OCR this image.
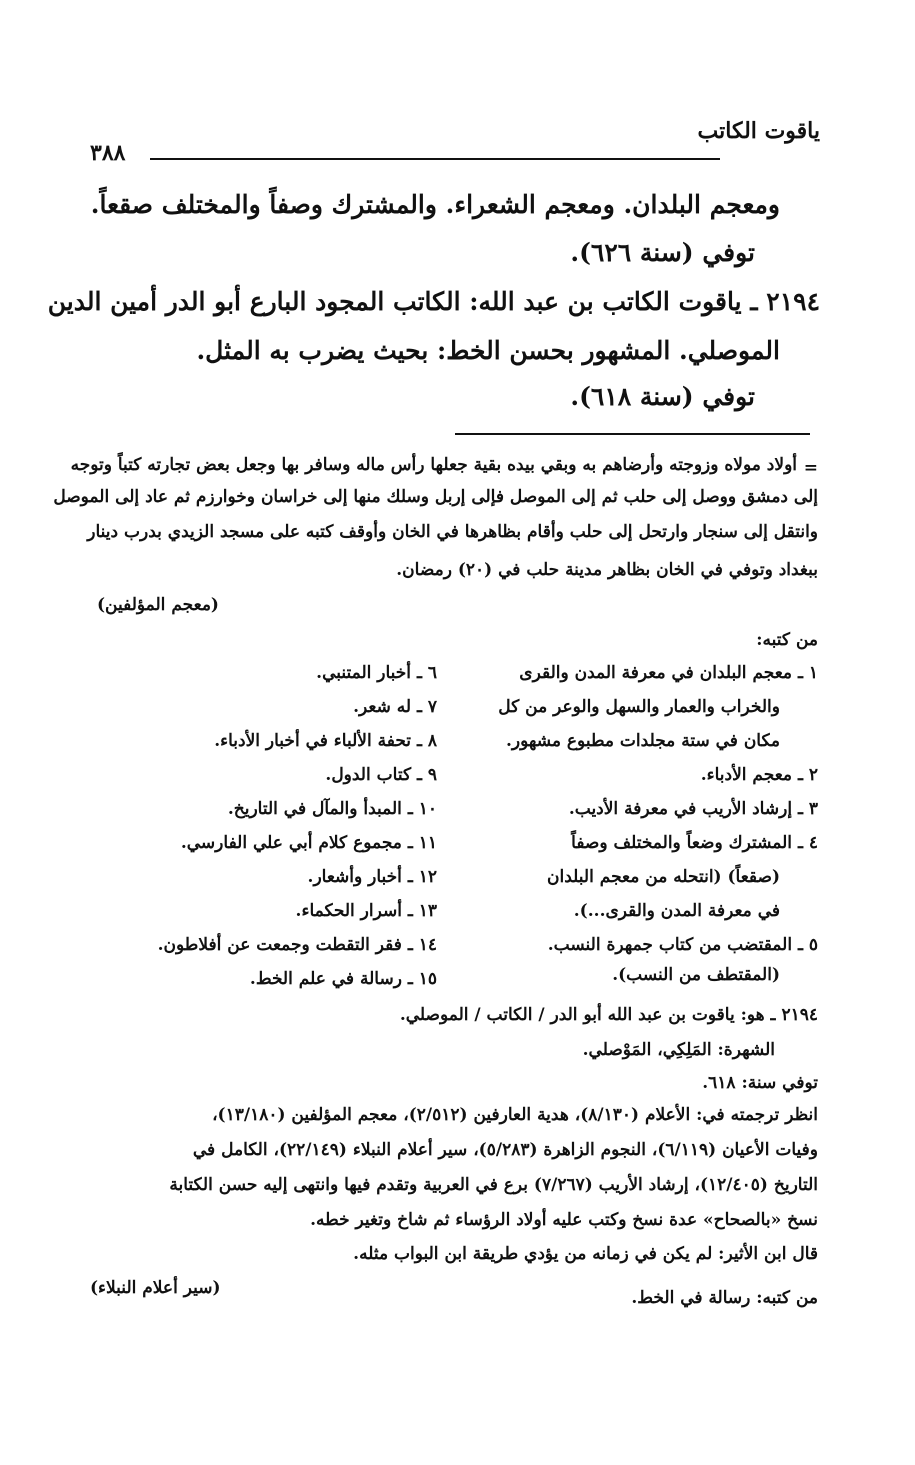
ياقوت الكاتب
٣٨٨
ومعجم البلدان. ومعجم الشعراء. والمشترك وصفاً والمختلف صقعاً.
توفي (سنة ٦٢٦).
٢١٩٤ ـ ياقوت الكاتب بن عبد الله: الكاتب المجود البارع أبو الدر أمين الدين
الموصلي. المشهور بحسن الخط: بحيث يضرب به المثل.
توفي (سنة ٦١٨).
=
أولاد مولاه وزوجته وأرضاهم به وبقي بيده بقية جعلها رأس ماله وسافر بها وجعل بعض تجارته كتباً وتوجه
إلى دمشق ووصل إلى حلب ثم إلى الموصل فإلى إربل وسلك منها إلى خراسان وخوارزم ثم عاد إلى الموصل
وانتقل إلى سنجار وارتحل إلى حلب وأقام بظاهرها في الخان وأوقف كتبه على مسجد الزيدي بدرب دينار
ببغداد وتوفي في الخان بظاهر مدينة حلب في (٢٠) رمضان.
(معجم المؤلفين)
من كتبه:
١ ـ معجم البلدان في معرفة المدن والقرى
والخراب والعمار والسهل والوعر من كل
مكان في ستة مجلدات مطبوع مشهور.
٢ ـ معجم الأدباء.
٣ ـ إرشاد الأريب في معرفة الأديب.
٤ ـ المشترك وضعاً والمختلف وصفاً
(صقعاً) (انتحله من معجم البلدان
في معرفة المدن والقرى...).
٥ ـ المقتضب من كتاب جمهرة النسب.
(المقتطف من النسب).
٦ ـ أخبار المتنبي.
٧ ـ له شعر.
٨ ـ تحفة الألباء في أخبار الأدباء.
٩ ـ كتاب الدول.
١٠ ـ المبدأ والمآل في التاريخ.
١١ ـ مجموع كلام أبي علي الفارسي.
١٢ ـ أخبار وأشعار.
١٣ ـ أسرار الحكماء.
١٤ ـ فقر التقطت وجمعت عن أفلاطون.
١٥ ـ رسالة في علم الخط.
٢١٩٤ ـ هو: ياقوت بن عبد الله أبو الدر / الكاتب / الموصلي.
الشهرة: المَلِكِي، المَوْصلي.
توفي سنة: ٦١٨.
انظر ترجمته في: الأعلام (٨/١٣٠)، هدية العارفين (٢/٥١٢)، معجم المؤلفين (١٣/١٨٠)،
وفيات الأعيان (٦/١١٩)، النجوم الزاهرة (٥/٢٨٣)، سير أعلام النبلاء (٢٢/١٤٩)، الكامل في
التاريخ (١٢/٤٠٥)، إرشاد الأريب (٧/٢٦٧) برع في العربية وتقدم فيها وانتهى إليه حسن الكتابة
نسخ «بالصحاح» عدة نسخ وكتب عليه أولاد الرؤساء ثم شاخ وتغير خطه.
قال ابن الأثير: لم يكن في زمانه من يؤدي طريقة ابن البواب مثله.
(سير أعلام النبلاء)	من كتبه: رسالة في الخط.
